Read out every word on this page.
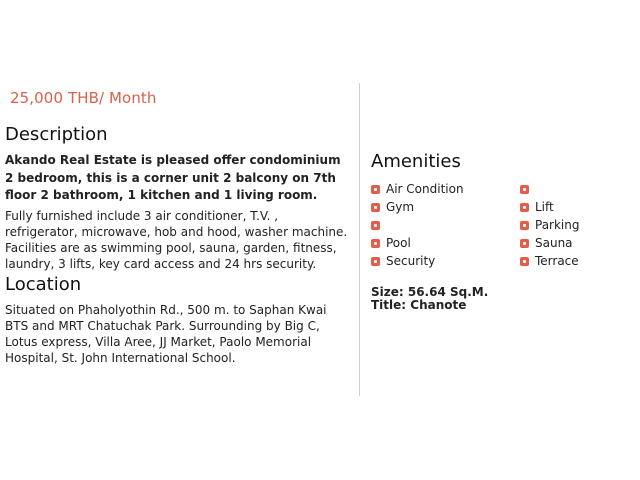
25,000 THB/ Month
Description
Akando Real Estate is pleased offer condominium 2 bedroom, this is a corner unit 2 balcony on 7th floor 2 bathroom, 1 kitchen and 1 living room.
Fully furnished include 3 air conditioner, T.V. , refrigerator, microwave, hob and hood, washer machine. Facilities are as swimming pool, sauna, garden, fitness, laundry, 3 lifts, key card access and 24 hrs security.
Location
Situated on Phaholyothin Rd., 500 m. to Saphan Kwai BTS and MRT Chatuchak Park. Surrounding by Big C, Lotus express, Villa Aree, JJ Market, Paolo Memorial Hospital, St. John International School.
Amenities
Air Condition
Gym
Pool
Security
Lift
Parking
Sauna
Terrace
Size: 56.64 Sq.M.
Title: Chanote
